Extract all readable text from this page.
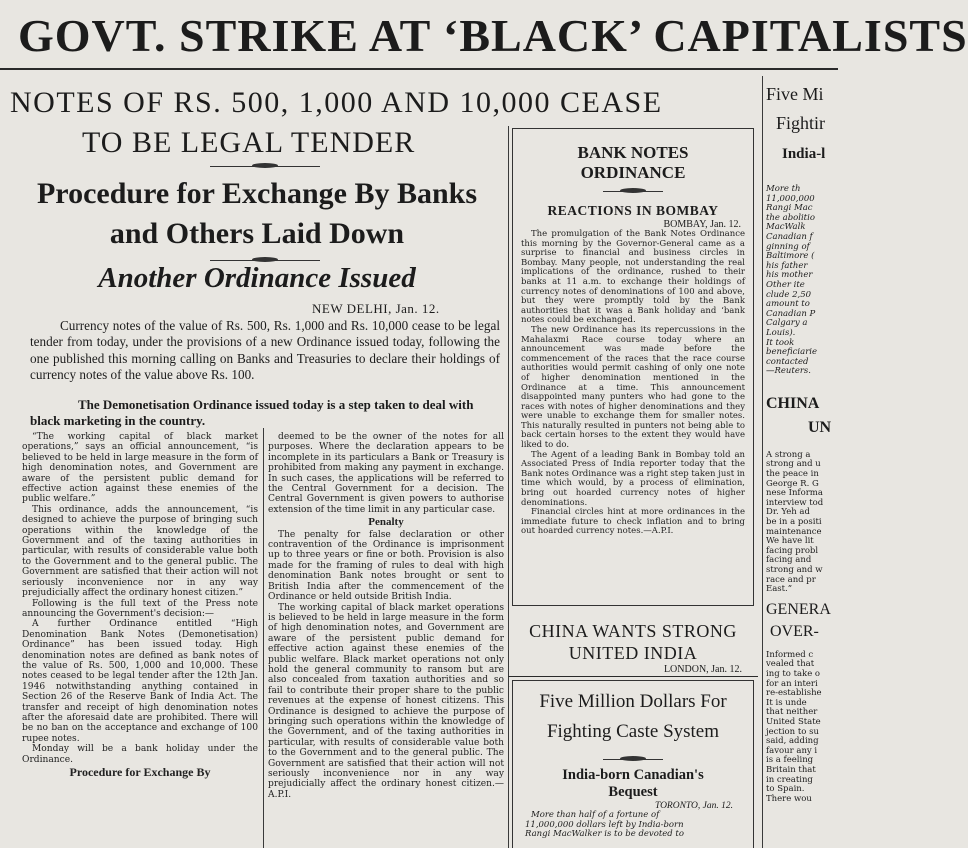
GOVT. STRIKE AT ‘BLACK’ CAPITALISTS
NOTES OF RS. 500, 1,000 AND 10,000 CEASE
TO BE LEGAL TENDER
Procedure for Exchange By Banks and Others Laid Down
Another Ordinance Issued
NEW DELHI, Jan. 12.
Currency notes of the value of Rs. 500, Rs. 1,000 and Rs. 10,000 cease to be legal tender from today, under the provisions of a new Ordinance issued today, following the one published this morning calling on Banks and Treasuries to declare their holdings of currency notes of the value above Rs. 100.
The Demonetisation Ordinance issued today is a step taken to deal with black marketing in the country.

“The working capital of black market operations,” says an official announcement, “is believed to be held in large measure in the form of high denomination notes, and Government are aware of the persistent public demand for effective action against these enemies of the public welfare.”

This ordinance, adds the announcement, “is designed to achieve the purpose of bringing such operations within the knowledge of the Government and of the taxing authorities in particular, with results of considerable value both to the Government and to the general public. The Government are satisfied that their action will not seriously inconvenience nor in any way prejudicially affect the ordinary honest citizen.”

Following is the full text of the Press note announcing the Government's decision:—

A further Ordinance entitled “High Denomination Bank Notes (Demonetisation) Ordinance” has been issued today. High denomination notes are defined as bank notes of the value of Rs. 500, 1,000 and 10,000. These notes ceased to be legal tender after the 12th Jan. 1946 notwithstanding anything contained in Section 26 of the Reserve Bank of India Act. The transfer and receipt of high denomination notes after the aforesaid date are prohibited. There will be no ban on the acceptance and exchange of 100 rupee notes.

Monday will be a bank holiday under the Ordinance.

Procedure for Exchange By

deemed to be the owner of the notes for all purposes. Where the declaration appears to be incomplete in its particulars a Bank or Treasury is prohibited from making any payment in exchange. In such cases, the applications will be referred to the Central Government for a decision. The Central Government is given powers to authorise extension of the time limit in any particular case.

Penalty

The penalty for false declaration or other contravention of the Ordinance is imprisonment up to three years or fine or both. Provision is also made for the framing of rules to deal with high denomination Bank notes brought or sent to British India after the commencement of the Ordinance or held outside British India.

The working capital of black market operations is believed to be held in large measure in the form of high denomination notes, and Government are aware of the persistent public demand for effective action against these enemies of the public welfare. Black market operations not only hold the general community to ransom but are also concealed from taxation authorities and so fail to contribute their proper share to the public revenues at the expense of honest citizens. This Ordinance is designed to achieve the purpose of bringing such operations within the knowledge of the Government, and of the taxing authorities in particular, with results of considerable value both to the Government and to the general public. The Government are satisfied that their action will not seriously inconvenience nor in any way prejudicially affect the ordinary honest citizen.—A.P.I.

BANK NOTES
ORDINANCE
REACTIONS IN BOMBAY
BOMBAY, Jan. 12.

The promulgation of the Bank Notes Ordinance this morning by the Governor-General came as a surprise to financial and business circles in Bombay. Many people, not understanding the real implications of the ordinance, rushed to their banks at 11 a.m. to exchange their holdings of currency notes of denominations of 100 and above, but they were promptly told by the Bank authorities that it was a Bank holiday and ‘bank notes could be exchanged.

The new Ordinance has its repercussions in the Mahalaxmi Race course today where an announcement was made before the commencement of the races that the race course authorities would permit cashing of only one note of higher denomination mentioned in the Ordinance at a time. This announcement disappointed many punters who had gone to the races with notes of higher denominations and they were unable to exchange them for smaller notes. This naturally resulted in punters not being able to back certain horses to the extent they would have liked to do.

The Agent of a leading Bank in Bombay told an Associated Press of India reporter today that the Bank notes Ordinance was a right step taken just in time which would, by a process of elimination, bring out hoarded currency notes of higher denominations.

Financial circles hint at more ordinances in the immediate future to check inflation and to bring out hoarded currency notes.—A.P.I.

CHINA WANTS STRONG
UNITED INDIA
LONDON, Jan. 12.
Five Million Dollars For
Fighting Caste System
India-born Canadian's
Bequest
TORONTO, Jan. 12.
More than half of a fortune of
11,000,000 dollars left by India-born
Rangi MacWalker is to be devoted to
Five Mi
Fightir
India-l
More th
11,000,000
Rangi Mac
the abolitio
MacWalk
Canadian f
ginning of
Baltimore (
his father
his mother
Other ite
clude 2,50
amount to
Canadian P
Calgary a
Louis).
It took
beneficiarie
contacted
—Reuters.
CHINA
UN
A strong a
strong and u
the peace in
George R. G
nese Informa
interview tod
Dr. Yeh ad
be in a positi
maintenance
We have lit
facing probl
facing and
strong and w
race and pr
East.”
GENERA
OVER-
Informed c
vealed that
ing to take o
for an interi
re-establishe
It is unde
that neither
United State
jection to su
said, adding
favour any i
is a feeling
Britain that
in creating
to Spain.
There wou
